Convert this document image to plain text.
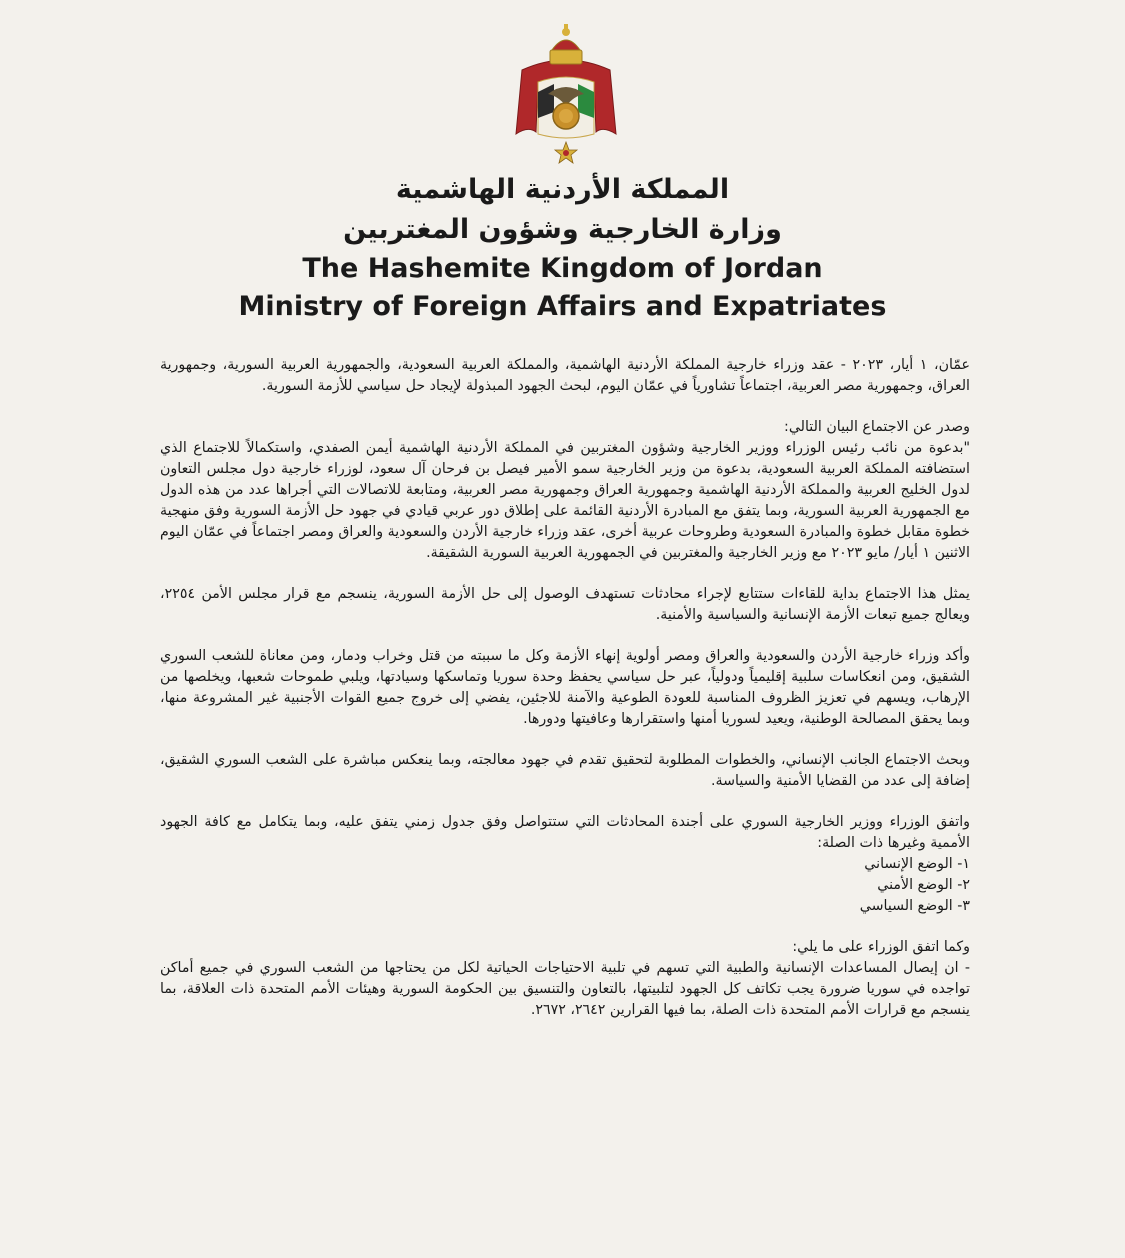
المملكة الأردنية الهاشمية
وزارة الخارجية وشؤون المغتربين
The Hashemite Kingdom of Jordan
Ministry of Foreign Affairs and Expatriates

عمّان، ١ أيار، ٢٠٢٣ - عقد وزراء خارجية المملكة الأردنية الهاشمية، والمملكة العربية السعودية، والجمهورية العربية السورية، وجمهورية العراق، وجمهورية مصر العربية، اجتماعاً تشاورياً في عمّان اليوم، لبحث الجهود المبذولة لإيجاد حل سياسي للأزمة السورية.

وصدر عن الاجتماع البيان التالي:

"بدعوة من نائب رئيس الوزراء ووزير الخارجية وشؤون المغتربين في المملكة الأردنية الهاشمية أيمن الصفدي، واستكمالاً للاجتماع الذي استضافته المملكة العربية السعودية، بدعوة من وزير الخارجية سمو الأمير فيصل بن فرحان آل سعود، لوزراء خارجية دول مجلس التعاون لدول الخليج العربية والمملكة الأردنية الهاشمية وجمهورية العراق وجمهورية مصر العربية، ومتابعة للاتصالات التي أجراها عدد من هذه الدول مع الجمهورية العربية السورية، وبما يتفق مع المبادرة الأردنية القائمة على إطلاق دور عربي قيادي في جهود حل الأزمة السورية وفق منهجية خطوة مقابل خطوة والمبادرة السعودية وطروحات عربية أخرى، عقد وزراء خارجية الأردن والسعودية والعراق ومصر اجتماعاً في عمّان اليوم الاثنين ١ أيار/ مايو ٢٠٢٣ مع وزير الخارجية والمغتربين في الجمهورية العربية السورية الشقيقة.

يمثل هذا الاجتماع بداية للقاءات ستتابع لإجراء محادثات تستهدف الوصول إلى حل الأزمة السورية، ينسجم مع قرار مجلس الأمن ٢٢٥٤، ويعالج جميع تبعات الأزمة الإنسانية والسياسية والأمنية.

وأكد وزراء خارجية الأردن والسعودية والعراق ومصر أولوية إنهاء الأزمة وكل ما سببته من قتل وخراب ودمار، ومن معاناة للشعب السوري الشقيق، ومن انعكاسات سلبية إقليمياً ودولياً، عبر حل سياسي يحفظ وحدة سوريا وتماسكها وسيادتها، ويلبي طموحات شعبها، ويخلصها من الإرهاب، ويسهم في تعزيز الظروف المناسبة للعودة الطوعية والآمنة للاجئين، يفضي إلى خروج جميع القوات الأجنبية غير المشروعة منها، وبما يحقق المصالحة الوطنية، ويعيد لسوريا أمنها واستقرارها وعافيتها ودورها.

وبحث الاجتماع الجانب الإنساني، والخطوات المطلوبة لتحقيق تقدم في جهود معالجته، وبما ينعكس مباشرة على الشعب السوري الشقيق، إضافة إلى عدد من القضايا الأمنية والسياسة.

واتفق الوزراء ووزير الخارجية السوري على أجندة المحادثات التي ستتواصل وفق جدول زمني يتفق عليه، وبما يتكامل مع كافة الجهود الأممية وغيرها ذات الصلة:

١- الوضع الإنساني

٢- الوضع الأمني

٣- الوضع السياسي

وكما اتفق الوزراء على ما يلي:

- ان إيصال المساعدات الإنسانية والطبية التي تسهم في تلبية الاحتياجات الحياتية لكل من يحتاجها من الشعب السوري في جميع أماكن تواجده في سوريا ضرورة يجب تكاتف كل الجهود لتلبيتها، بالتعاون والتنسيق بين الحكومة السورية وهيئات الأمم المتحدة ذات العلاقة، بما ينسجم مع قرارات الأمم المتحدة ذات الصلة، بما فيها القرارين ٢٦٤٢، ٢٦٧٢.
